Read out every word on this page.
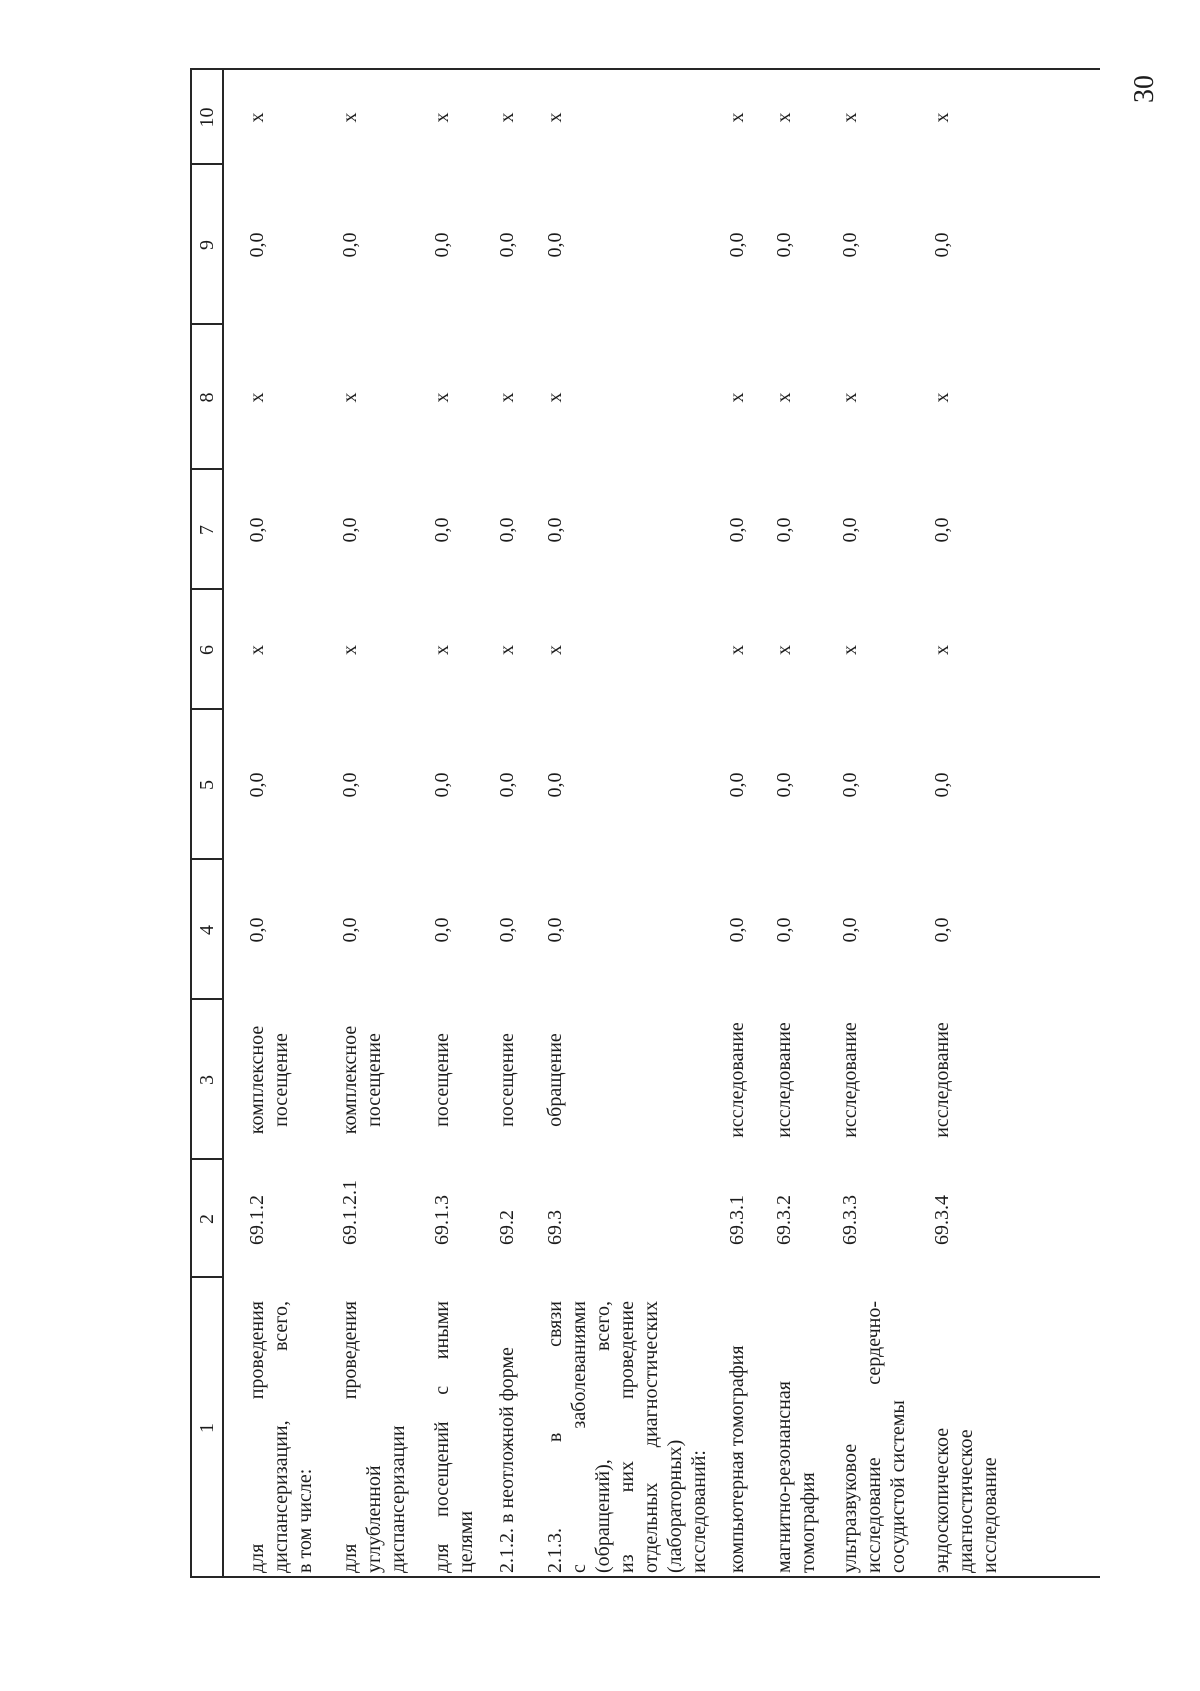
1
2
3
4
5
6
7
8
9
10
для проведения диспансеризации, всего, в том числе:
69.1.2
комплексное посещение
0,0
0,0
x
0,0
x
0,0
x
для проведения углубленной диспансеризации
69.1.2.1
комплексное посещение
0,0
0,0
x
0,0
x
0,0
x
для посещений с иными целями
69.1.3
посещение
0,0
0,0
x
0,0
x
0,0
x
2.1.2. в неотложной форме
69.2
посещение
0,0
0,0
x
0,0
x
0,0
x
2.1.3. в связи с заболеваниями (обращений), всего, из них проведение отдельных диагностических (лабораторных) исследований:
69.3
обращение
0,0
0,0
x
0,0
x
0,0
x
компьютерная томография
69.3.1
исследование
0,0
0,0
x
0,0
x
0,0
x
магнитно-резонансная томография
69.3.2
исследование
0,0
0,0
x
0,0
x
0,0
x
ультразвуковое исследование сердечно- сосудистой системы
69.3.3
исследование
0,0
0,0
x
0,0
x
0,0
x
эндоскопическое диагностическое исследование
69.3.4
исследование
0,0
0,0
x
0,0
x
0,0
x
30
